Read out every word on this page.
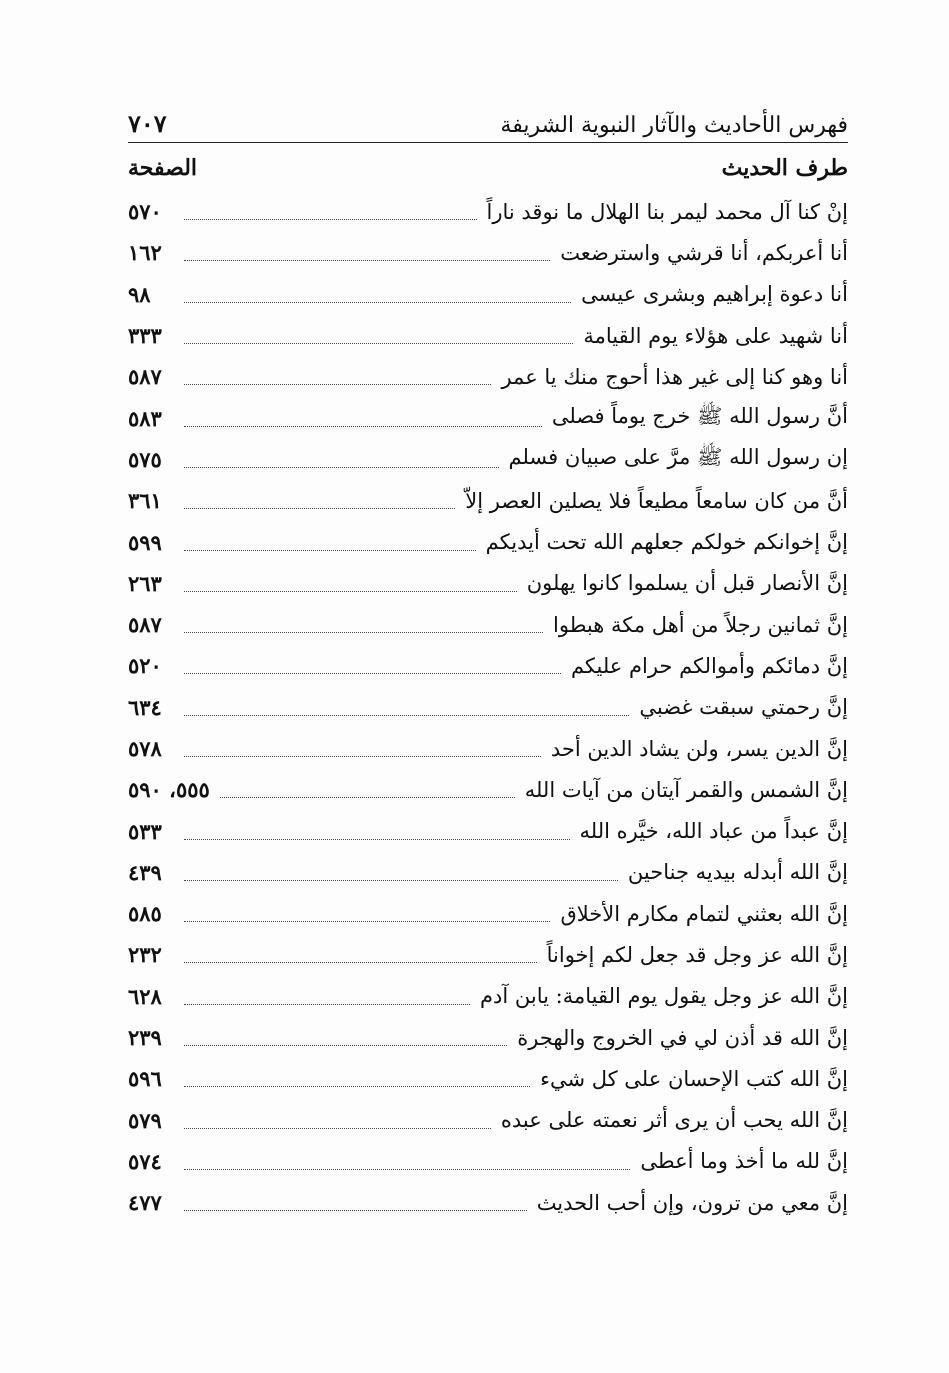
فهرس الأحاديث والآثار النبوية الشريفة
٧٠٧
طرف الحديث
الصفحة
إنْ كنا آل محمد ليمر بنا الهلال ما نوقد ناراً
٥٧٠
أنا أعربكم، أنا قرشي واسترضعت
١٦٢
أنا دعوة إبراهيم وبشرى عيسى
٩٨
أنا شهيد على هؤلاء يوم القيامة
٣٣٣
أنا وهو كنا إلى غير هذا أحوج منك يا عمر
٥٨٧
أنَّ رسول الله ﷺ خرج يوماً فصلى
٥٨٣
إن رسول الله ﷺ مرَّ على صبيان فسلم
٥٧٥
أنَّ من كان سامعاً مطيعاً فلا يصلين العصر إلاّ
٣٦١
إنَّ إخوانكم خولكم جعلهم الله تحت أيديكم
٥٩٩
إنَّ الأنصار قبل أن يسلموا كانوا يهلون
٢٦٣
إنَّ ثمانين رجلاً من أهل مكة هبطوا
٥٨٧
إنَّ دمائكم وأموالكم حرام عليكم
٥٢٠
إنَّ رحمتي سبقت غضبي
٦٣٤
إنَّ الدين يسر، ولن يشاد الدين أحد
٥٧٨
إنَّ الشمس والقمر آيتان من آيات الله
٥٥٥، ٥٩٠
إنَّ عبداً من عباد الله، خيَّره الله
٥٣٣
إنَّ الله أبدله بيديه جناحين
٤٣٩
إنَّ الله بعثني لتمام مكارم الأخلاق
٥٨٥
إنَّ الله عز وجل قد جعل لكم إخواناً
٢٣٢
إنَّ الله عز وجل يقول يوم القيامة: يابن آدم
٦٢٨
إنَّ الله قد أذن لي في الخروج والهجرة
٢٣٩
إنَّ الله كتب الإحسان على كل شيء
٥٩٦
إنَّ الله يحب أن يرى أثر نعمته على عبده
٥٧٩
إنَّ لله ما أخذ وما أعطى
٥٧٤
إنَّ معي من ترون، وإن أحب الحديث
٤٧٧
